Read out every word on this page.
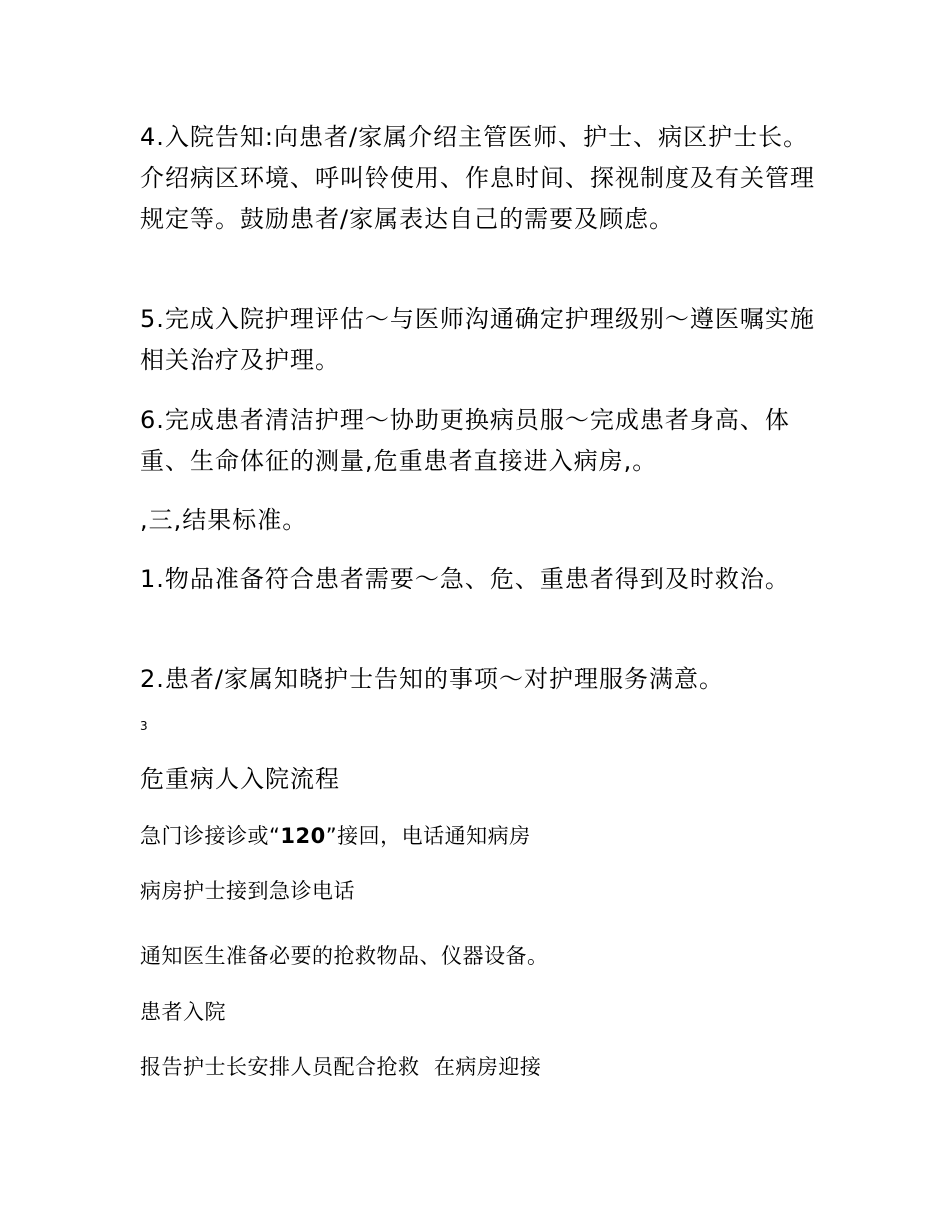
4.入院告知:向患者/家属介绍主管医师、护士、病区护士长。介绍病区环境、呼叫铃使用、作息时间、探视制度及有关管理规定等。鼓励患者/家属表达自己的需要及顾虑。

5.完成入院护理评估～与医师沟通确定护理级别～遵医嘱实施相关治疗及护理。

6.完成患者清洁护理～协助更换病员服～完成患者身高、体重、生命体征的测量,危重患者直接进入病房,。

,三,结果标准。

1.物品准备符合患者需要～急、危、重患者得到及时救治。

2.患者/家属知晓护士告知的事项～对护理服务满意。

3
危重病人入院流程

急门诊接诊或“120”接回，电话通知病房

病房护士接到急诊电话

通知医生准备必要的抢救物品、仪器设备。

患者入院

报告护士长安排人员配合抢救  在病房迎接
